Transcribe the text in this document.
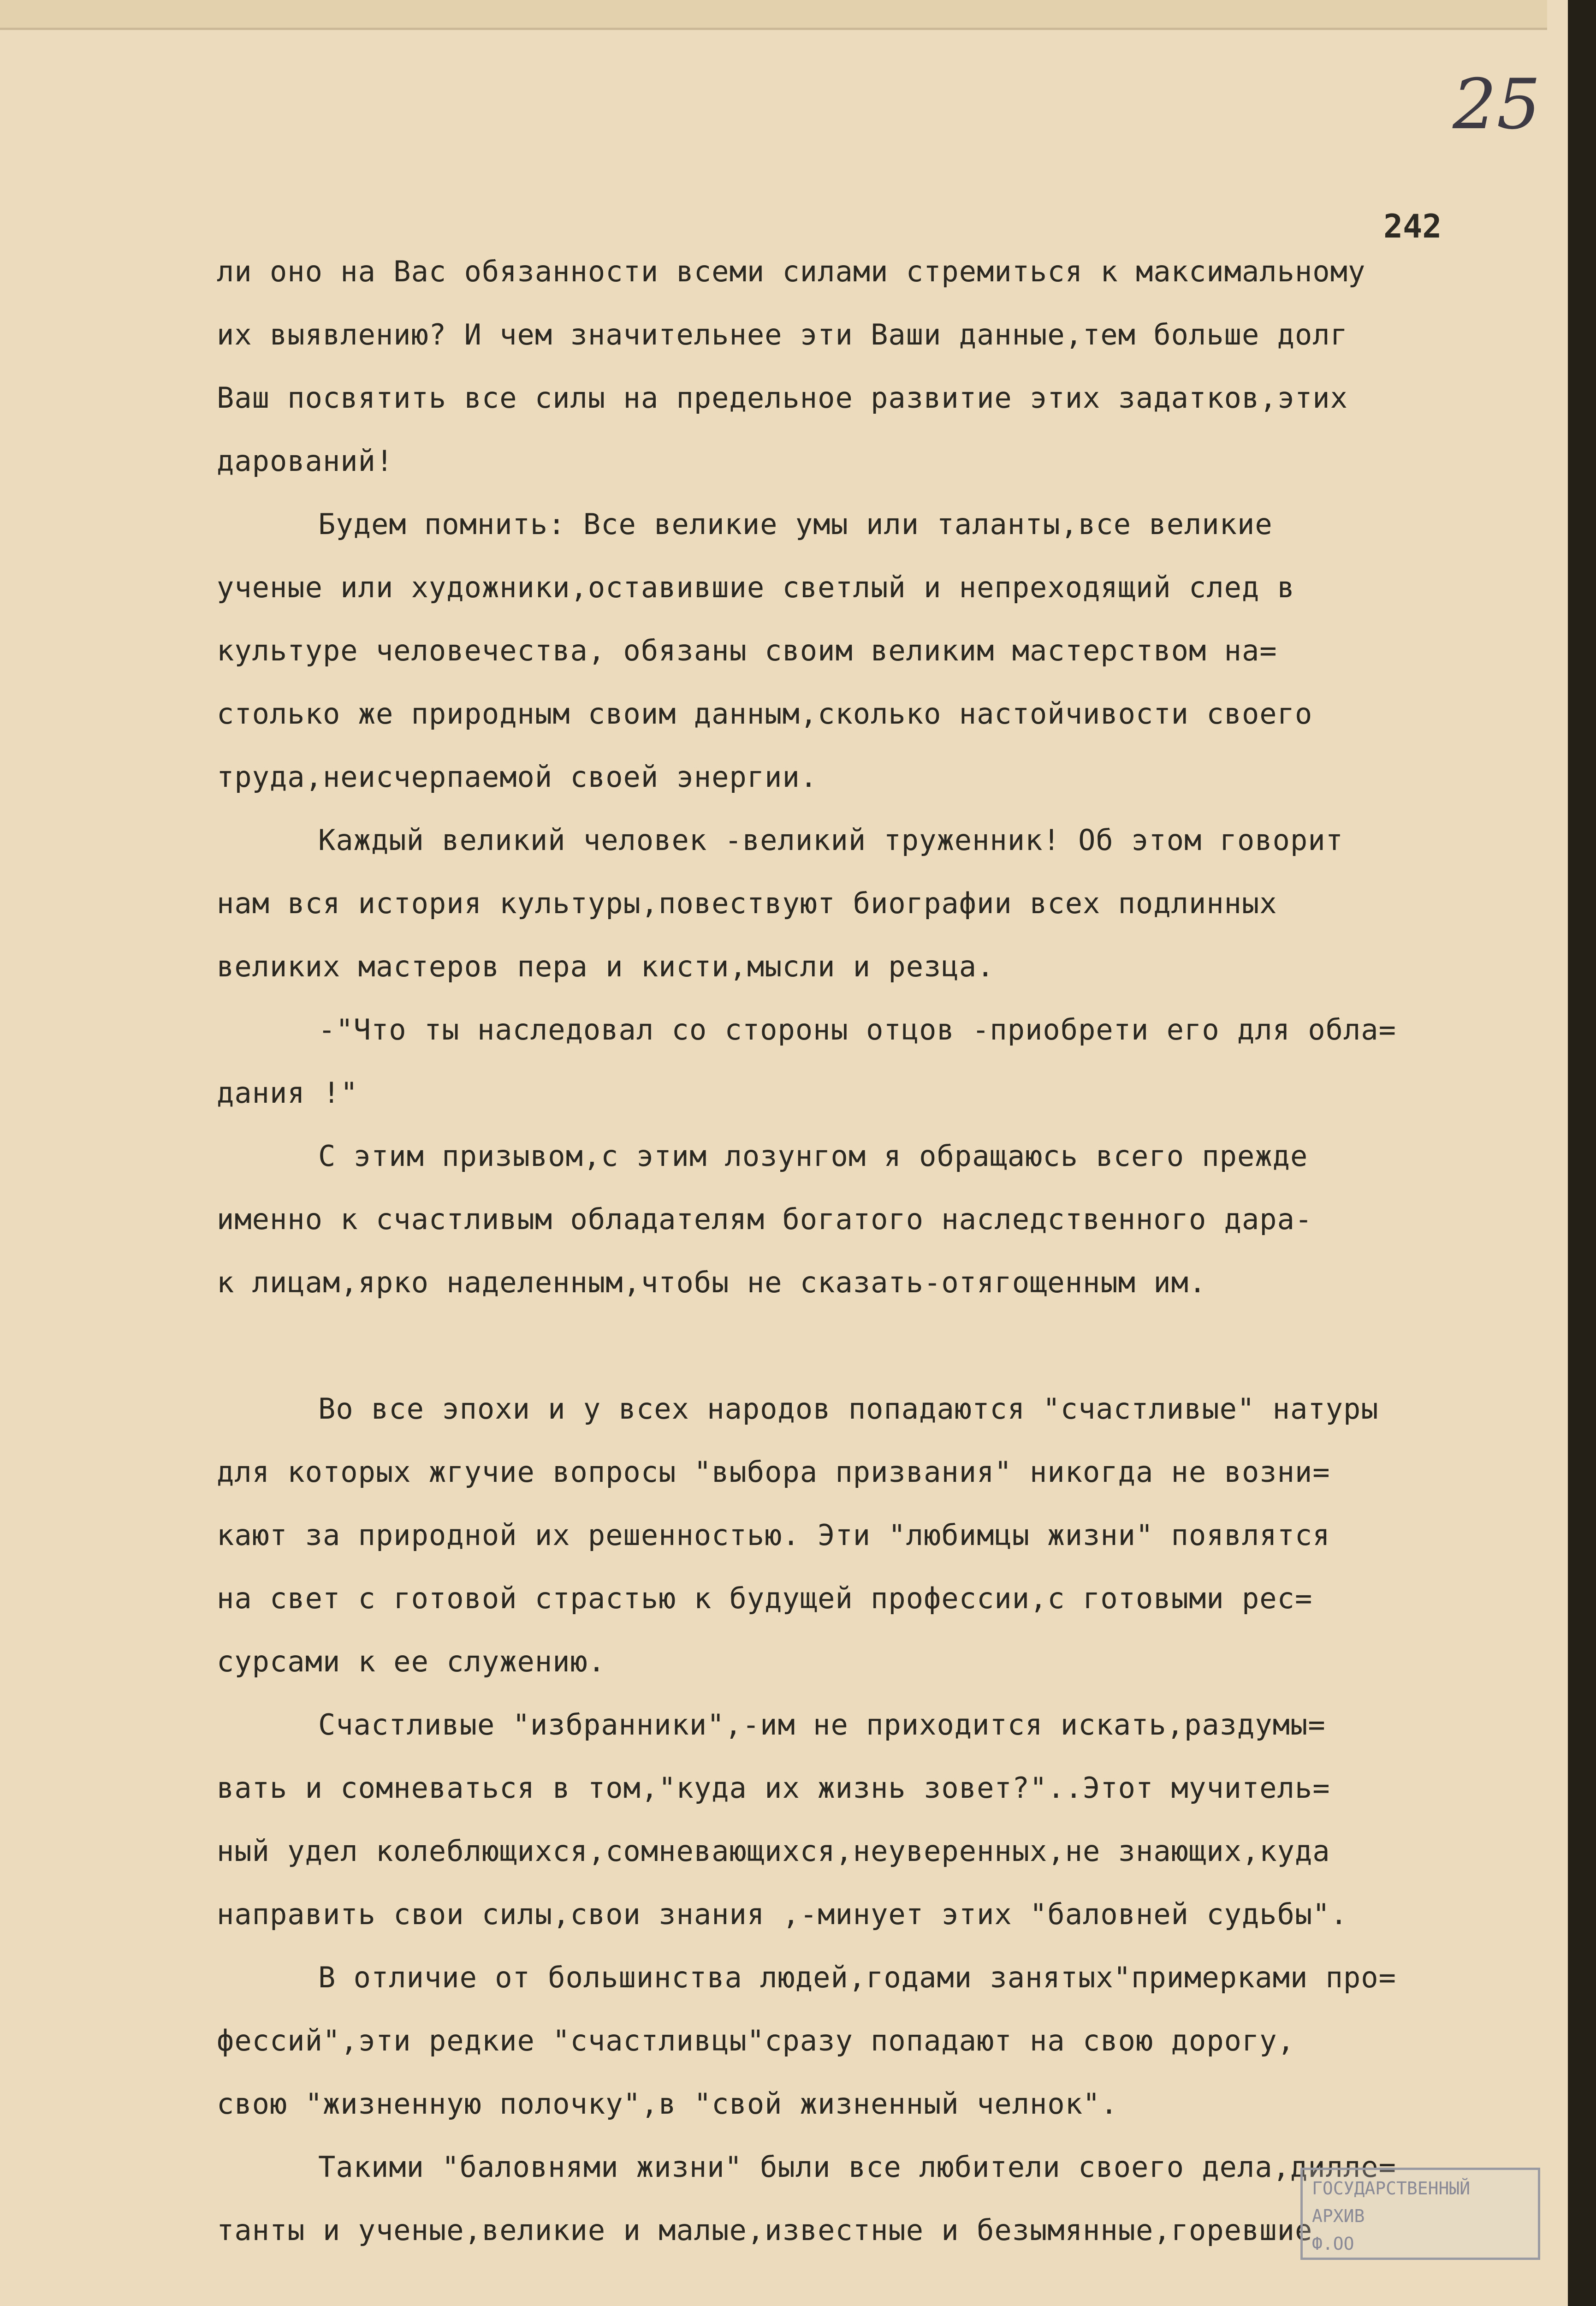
25
242
ли оно на Вас обязанности всеми силами стремиться к максимальному
их выявлению? И чем значительнее эти Ваши данные,тем больше долг
Ваш посвятить все силы на предельное развитие этих задатков,этих
дарований!
Будем помнить: Все великие умы или таланты,все великие
ученые или художники,оставившие светлый и непреходящий след в
культуре человечества, обязаны своим великим мастерством на=
столько же природным своим данным,сколько настойчивости своего
труда,неисчерпаемой своей энергии.
Каждый великий человек -великий труженник! Об этом говорит
нам вся история культуры,повествуют биографии всех подлинных
великих мастеров пера и кисти,мысли и резца.
-"Что ты наследовал со стороны отцов -приобрети его для обла=
дания !"
С этим призывом,с этим лозунгом я обращаюсь всего прежде
именно к счастливым обладателям богатого наследственного дара-
к лицам,ярко наделенным,чтобы не сказать-отягощенным им.
Во все эпохи и у всех народов попадаются "счастливые" натуры
для которых жгучие вопросы "выбора призвания" никогда не возни=
кают за природной их решенностью. Эти "любимцы жизни" появлятся
на свет с готовой страстью к будущей профессии,с готовыми рес=
сурсами к ее служению.
Счастливые "избранники",-им не приходится искать,раздумы=
вать и сомневаться в том,"куда их жизнь зовет?"..Этот мучитель=
ный удел колеблющихся,сомневающихся,неуверенных,не знающих,куда
направить свои силы,свои знания ,-минует этих "баловней судьбы".
В отличие от большинства людей,годами занятых"примерками про=
фессий",эти редкие "счастливцы"сразу попадают на свою дорогу,
свою "жизненную полочку",в "свой жизненный челнок".
Такими "баловнями жизни" были все любители своего дела,дилле=
танты и ученые,великие и малые,известные и безымянные,горевшие
ГОСУДАРСТВЕННЫЙ
АРХИВ
Ф.ОО
